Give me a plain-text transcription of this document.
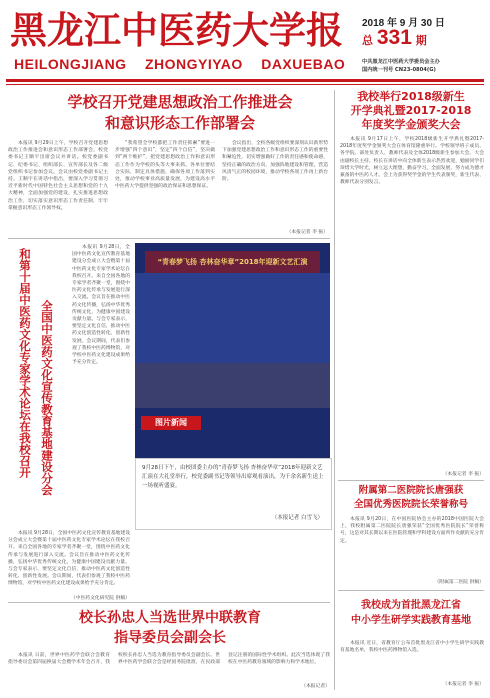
黑龙江中医药大学报
HEILONGJIANG ZHONGYIYAO DAXUEBAO
2018 年 9 月 30 日
总 331 期
中共黑龙江中医药大学委员会主办
国内统一刊号 CN23-0804(G)
学校召开党建思想政治工作推进会
和意识形态工作部署会

本报讯 9月29日上午，学校召开党建思想政治工作推进会和意识形态工作部署会。校党委书记王顺宇出席会议并讲话。校党委副书记、纪委书记、组织部长、宣传部长及各二级党组织书记参加会议。会议由校党委副书记主持。王顺宇在讲话中指出，要深入学习贯彻习近平新时代中国特色社会主义思想和党的十九大精神，全面加强党的建设，扎实推进思想政治工作，切实落实意识形态工作责任制，牢牢掌握意识形态工作领导权。

“我希望全学校都把工作责任抓紧”要进一步增强“四个意识”，坚定“四个自信”，坚决做到“两个维护”，把党建思想政治工作和意识形态工作作为学校的头等大事来抓。各单位要结合实际，制定具体措施，确保各项工作落到实处，推动学校事业高质量发展，为建设高水平中医药大学提供坚强的政治保证和思想保证。

会议指出，全校各级党组织要深刻认识新形势下加强党建思想政治工作和意识形态工作的重要性和紧迫性，切实增强做好工作的责任感和使命感，坚持正确的政治方向，加强阵地建设和管理，营造风清气正的校园环境，推动学校各项工作再上新台阶。

（本报记者 李 振）
全国中医药文化宣传教育基地建设分会
和第十届中医药文化专家学术论坛在我校召开

本报讯 9月28日，全国中医药文化宣传教育基地建设分会成立大会暨第十届中医药文化专家学术论坛在我校召开。来自全国各地的专家学者齐聚一堂，围绕中医药文化传承与发展进行深入交流。会议旨在推动中医药文化传播，弘扬中华优秀传统文化，为健康中国建设贡献力量。与会专家表示，要坚定文化自信，推动中医药文化创造性转化、创新性发展。会议期间，代表们参观了我校中医药博物馆，对学校中医药文化建设成果给予充分肯定。

本报讯 9月28日，全国中医药文化宣传教育基地建设分会成立大会暨第十届中医药文化专家学术论坛在我校召开。来自全国各地的专家学者齐聚一堂，围绕中医药文化传承与发展进行深入交流。会议旨在推动中医药文化传播，弘扬中华优秀传统文化，为健康中国建设贡献力量。与会专家表示，要坚定文化自信，推动中医药文化创造性转化、创新性发展。会议期间，代表们参观了我校中医药博物馆，对学校中医药文化建设成果给予充分肯定。

（中医药文化研究院 供稿）
“青春梦飞扬 杏林奋华章”2018年迎新文艺汇演
图片新闻
9月28日下午，由校团委主办的“青春梦飞扬 杏林奋华章”2018年迎新文艺汇演在大礼堂举行，校党委副书记等领导出席观看演出，为千余名新生送上一场视听盛宴。
（本报记者 白雪飞）
校长孙忠人当选世界中联教育
指导委员会副会长

本报讯 日前，世界中医药学会联合会教育指导委员会第四届换届大会暨学术年会召开，我校校长孙忠人当选为教育指导委员会副会长。世界中医药学会联合会是经国务院批准，在民政部登记注册的国际性学术组织。此次当选体现了我校在中医药教育领域的影响力和学术地位。

（本报记者）
我校举行2018级新生
开学典礼暨2017-2018
年度奖学金颁奖大会

本报讯 9月17日上午，学校2018级新生开学典礼暨2017-2018年度奖学金颁奖大会在体育馆隆重举行。学校领导班子成员、各学院、部处负责人、教师代表及全体2018级新生参加大会。大会由副校长主持。校长在讲话中向全体新生表示热烈欢迎，勉励同学们珍惜大学时光，树立远大理想，勤奋学习，全面发展，努力成为德才兼备的中医药人才。会上为获得奖学金的学生代表颁奖，新生代表、教师代表分别发言。

（本报记者 李 振）
附属第二医院院长唐强获
全国优秀医院院长荣誉称号

本报讯 9月20日，在中国医院协会主办的2018中国医院大会上，我校附属第二医院院长唐强荣获“全国优秀医院院长”荣誉称号，这是对其长期以来在医院管理和学科建设方面所作贡献的充分肯定。

（附属第二医院 供稿）
我校成为首批黑龙江省
中小学生研学实践教育基地

本报讯 近日，省教育厅公布首批黑龙江省中小学生研学实践教育基地名单，我校中医药博物馆入选。

（本报记者 李 振）
